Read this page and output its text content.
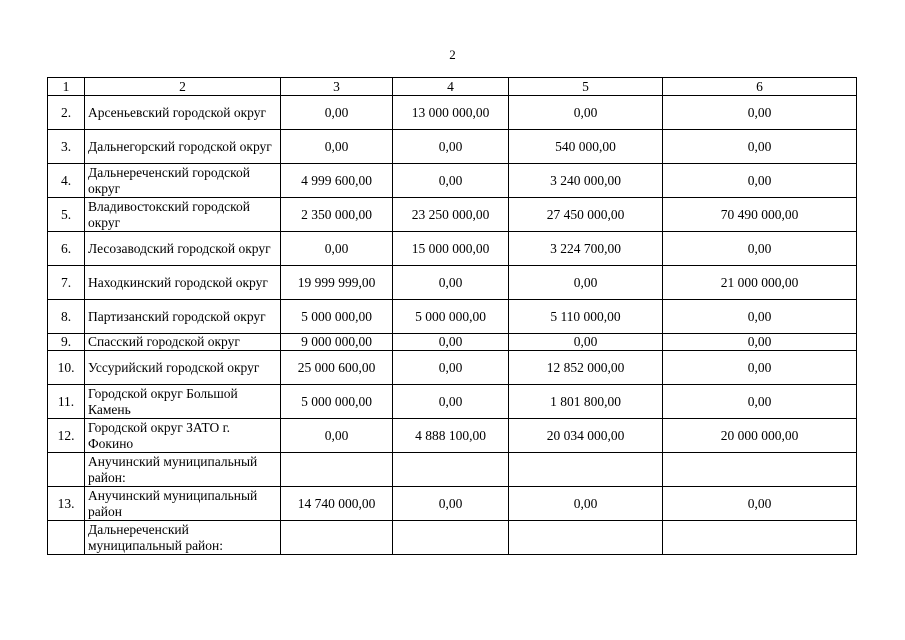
2
1	2	3	4	5	6
2.	Арсеньевский городской округ	0,00	13 000 000,00	0,00	0,00
3.	Дальнегорский городской округ	0,00	0,00	540 000,00	0,00
4.	Дальнереченский городской округ	4 999 600,00	0,00	3 240 000,00	0,00
5.	Владивостокский городской округ	2 350 000,00	23 250 000,00	27 450 000,00	70 490 000,00
6.	Лесозаводский городской округ	0,00	15 000 000,00	3 224 700,00	0,00
7.	Находкинский городской округ	19 999 999,00	0,00	0,00	21 000 000,00
8.	Партизанский городской округ	5 000 000,00	5 000 000,00	5 110 000,00	0,00
9.	Спасский городской округ	9 000 000,00	0,00	0,00	0,00
10.	Уссурийский городской округ	25 000 600,00	0,00	12 852 000,00	0,00
11.	Городской округ Большой Камень	5 000 000,00	0,00	1 801 800,00	0,00
12.	Городской округ ЗАТО г. Фокино	0,00	4 888 100,00	20 034 000,00	20 000 000,00
	Анучинский муниципальный район:				
13.	Анучинский муниципальный район	14 740 000,00	0,00	0,00	0,00
	Дальнереченский муниципальный район:				
